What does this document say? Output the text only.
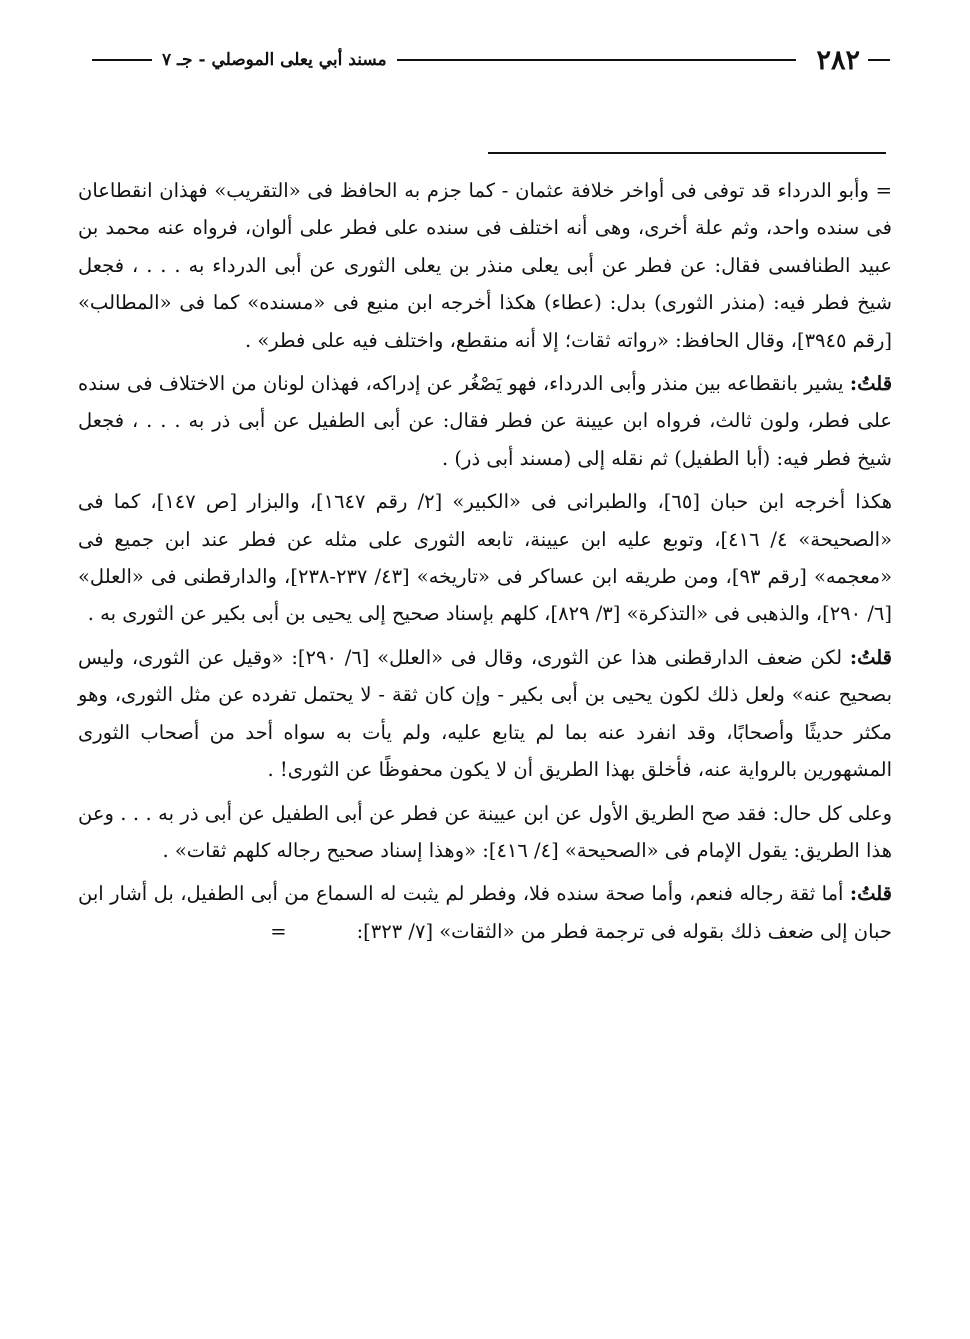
٢٨٢
مسند أبي يعلى الموصلي - جـ ٧

= وأبو الدرداء قد توفى فى أواخر خلافة عثمان - كما جزم به الحافظ فى «التقريب» فهذان انقطاعان فى سنده واحد، وثم علة أخرى، وهى أنه اختلف فى سنده على فطر على ألوان، فرواه عنه محمد بن عبيد الطنافسى فقال: عن فطر عن أبى يعلى منذر بن يعلى الثورى عن أبى الدرداء به . . . ، فجعل شيخ فطر فيه: (منذر الثورى) بدل: (عطاء) هكذا أخرجه ابن منيع فى «مسنده» كما فى «المطالب» [رقم ٣٩٤٥]، وقال الحافظ: «رواته ثقات؛ إلا أنه منقطع، واختلف فيه على فطر» .

قلتُ: يشير بانقطاعه بين منذر وأبى الدرداء، فهو يَصْغُر عن إدراكه، فهذان لونان من الاختلاف فى سنده على فطر، ولون ثالث، فرواه ابن عيينة عن فطر فقال: عن أبى الطفيل عن أبى ذر به . . . ، فجعل شيخ فطر فيه: (أبا الطفيل) ثم نقله إلى (مسند أبى ذر) .

هكذا أخرجه ابن حبان [٦٥]، والطبرانى فى «الكبير» [٢/ رقم ١٦٤٧]، والبزار [ص ١٤٧]، كما فى «الصحيحة» ٤/ ٤١٦]، وتوبع عليه ابن عيينة، تابعه الثورى على مثله عن فطر عند ابن جميع فى «معجمه» [رقم ٩٣]، ومن طريقه ابن عساكر فى «تاريخه» [٤٣/ ٢٣٧-٢٣٨]، والدارقطنى فى «العلل» [٦/ ٢٩٠]، والذهبى فى «التذكرة» [٣/ ٨٢٩]، كلهم بإسناد صحيح إلى يحيى بن أبى بكير عن الثورى به .

قلتُ: لكن ضعف الدارقطنى هذا عن الثورى، وقال فى «العلل» [٦/ ٢٩٠]: «وقيل عن الثورى، وليس بصحيح عنه» ولعل ذلك لكون يحيى بن أبى بكير - وإن كان ثقة - لا يحتمل تفرده عن مثل الثورى، وهو مكثر حديثًا وأصحابًا، وقد انفرد عنه بما لم يتابع عليه، ولم يأت به سواه أحد من أصحاب الثورى المشهورين بالرواية عنه، فأخلق بهذا الطريق أن لا يكون محفوظًا عن الثورى! .

وعلى كل حال: فقد صح الطريق الأول عن ابن عيينة عن فطر عن أبى الطفيل عن أبى ذر به . . . وعن هذا الطريق: يقول الإمام فى «الصحيحة» [٤/ ٤١٦]: «وهذا إسناد صحيح رجاله كلهم ثقات» .

قلتُ: أما ثقة رجاله فنعم، وأما صحة سنده فلا، وفطر لم يثبت له السماع من أبى الطفيل، بل أشار ابن حبان إلى ضعف ذلك بقوله فى ترجمة فطر من «الثقات» [٧/ ٣٢٣]:=
